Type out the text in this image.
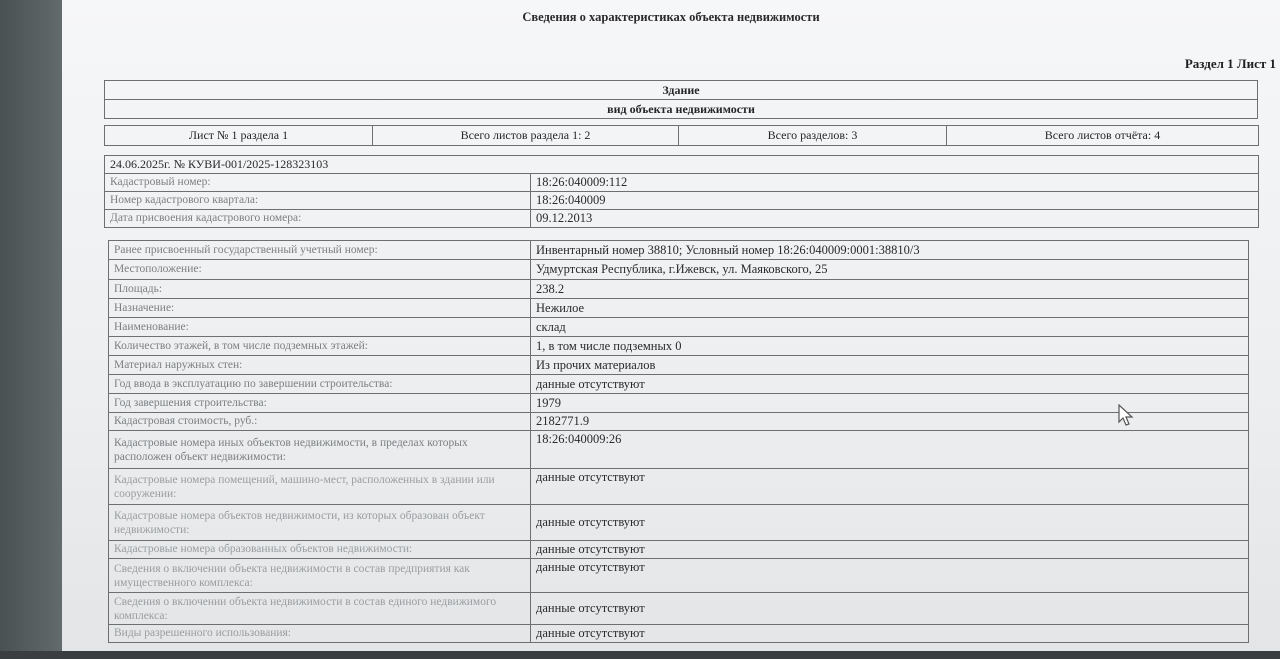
Сведения о характеристиках объекта недвижимости
Раздел 1 Лист 1
Здание
вид объекта недвижимости
Лист № 1 раздела 1	Всего листов раздела 1: 2	Всего разделов: 3	Всего листов отчёта: 4
24.06.2025г. № КУВИ-001/2025-128323103	
Кадастровый номер:	18:26:040009:112
Номер кадастрового квартала:	18:26:040009
Дата присвоения кадастрового номера:	09.12.2013
Ранее присвоенный государственный учетный номер:	Инвентарный номер 38810; Условный номер 18:26:040009:0001:38810/3
Местоположение:	Удмуртская Республика, г.Ижевск, ул. Маяковского, 25
Площадь:	238.2
Назначение:	Нежилое
Наименование:	склад
Количество этажей, в том числе подземных этажей:	1, в том числе подземных 0
Материал наружных стен:	Из прочих материалов
Год ввода в эксплуатацию по завершении строительства:	данные отсутствуют
Год завершения строительства:	1979
Кадастровая стоимость, руб.:	2182771.9
Кадастровые номера иных объектов недвижимости, в пределах которых расположен объект недвижимости:	18:26:040009:26
Кадастровые номера помещений, машино-мест, расположенных в здании или сооружении:	данные отсутствуют
Кадастровые номера объектов недвижимости, из которых образован объект недвижимости:	данные отсутствуют
Кадастровые номера образованных объектов недвижимости:	данные отсутствуют
Сведения о включении объекта недвижимости в состав предприятия как имущественного комплекса:	данные отсутствуют
Сведения о включении объекта недвижимости в состав единого недвижимого комплекса:	данные отсутствуют
Виды разрешенного использования:	данные отсутствуют
